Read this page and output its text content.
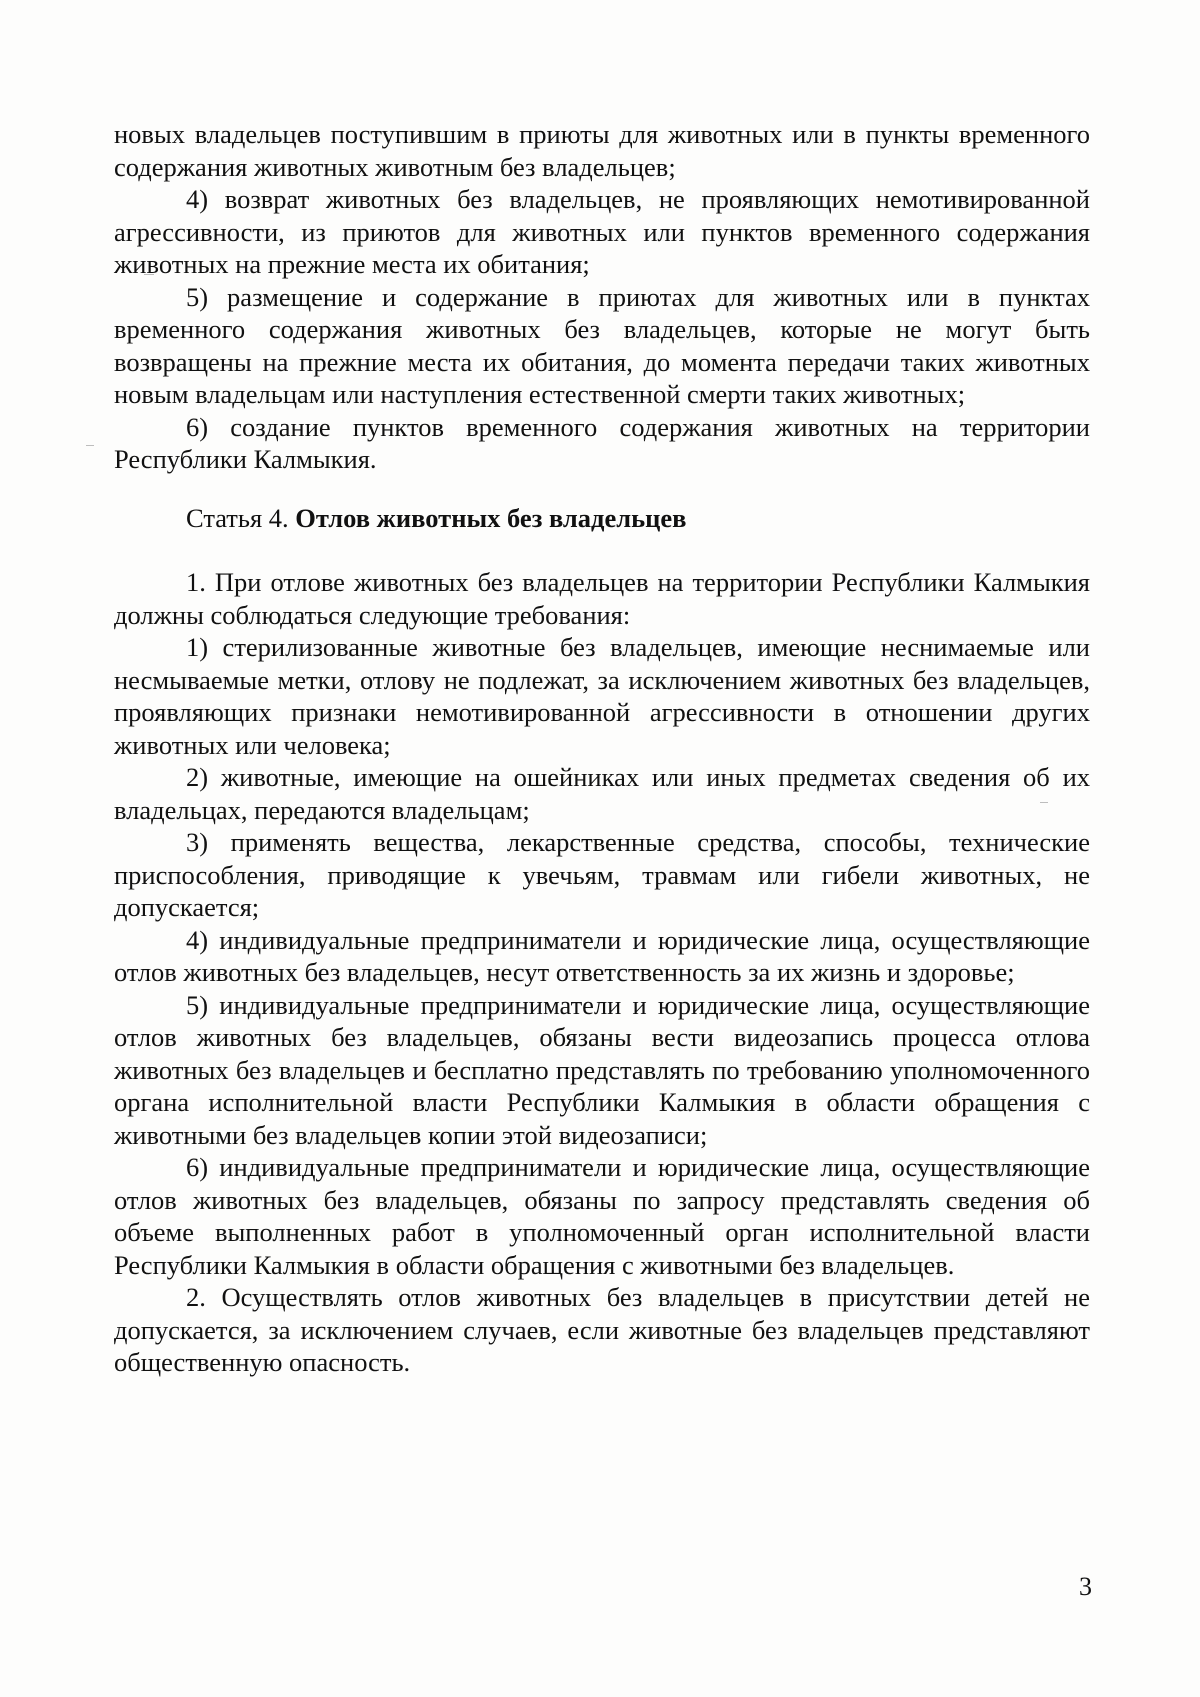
новых владельцев поступившим в приюты для животных или в пункты временного содержания животных животным без владельцев;

4) возврат животных без владельцев, не проявляющих немотивированной агрессивности, из приютов для животных или пунктов временного содержания животных на прежние места их обитания;

5) размещение и содержание в приютах для животных или в пунктах временного содержания животных без владельцев, которые не могут быть возвращены на прежние места их обитания, до момента передачи таких животных новым владельцам или наступления естественной смерти таких животных;

6) создание пунктов временного содержания животных на территории Республики Калмыкия.

Статья 4. Отлов животных без владельцев

1. При отлове животных без владельцев на территории Республики Калмыкия должны соблюдаться следующие требования:

1) стерилизованные животные без владельцев, имеющие неснимаемые или несмываемые метки, отлову не подлежат, за исключением животных без владельцев, проявляющих признаки немотивированной агрессивности в отношении других животных или человека;

2) животные, имеющие на ошейниках или иных предметах сведения об их владельцах, передаются владельцам;

3) применять вещества, лекарственные средства, способы, технические приспособления, приводящие к увечьям, травмам или гибели животных, не допускается;

4) индивидуальные предприниматели и юридические лица, осуществляющие отлов животных без владельцев, несут ответственность за их жизнь и здоровье;

5) индивидуальные предприниматели и юридические лица, осуществляющие отлов животных без владельцев, обязаны вести видеозапись процесса отлова животных без владельцев и бесплатно представлять по требованию уполномоченного органа исполнительной власти Республики Калмыкия в области обращения с животными без владельцев копии этой видеозаписи;

6) индивидуальные предприниматели и юридические лица, осуществляющие отлов животных без владельцев, обязаны по запросу представлять сведения об объеме выполненных работ в уполномоченный орган исполнительной власти Республики Калмыкия в области обращения с животными без владельцев.

2. Осуществлять отлов животных без владельцев в присутствии детей не допускается, за исключением случаев, если животные без владельцев представляют общественную опасность.

3
